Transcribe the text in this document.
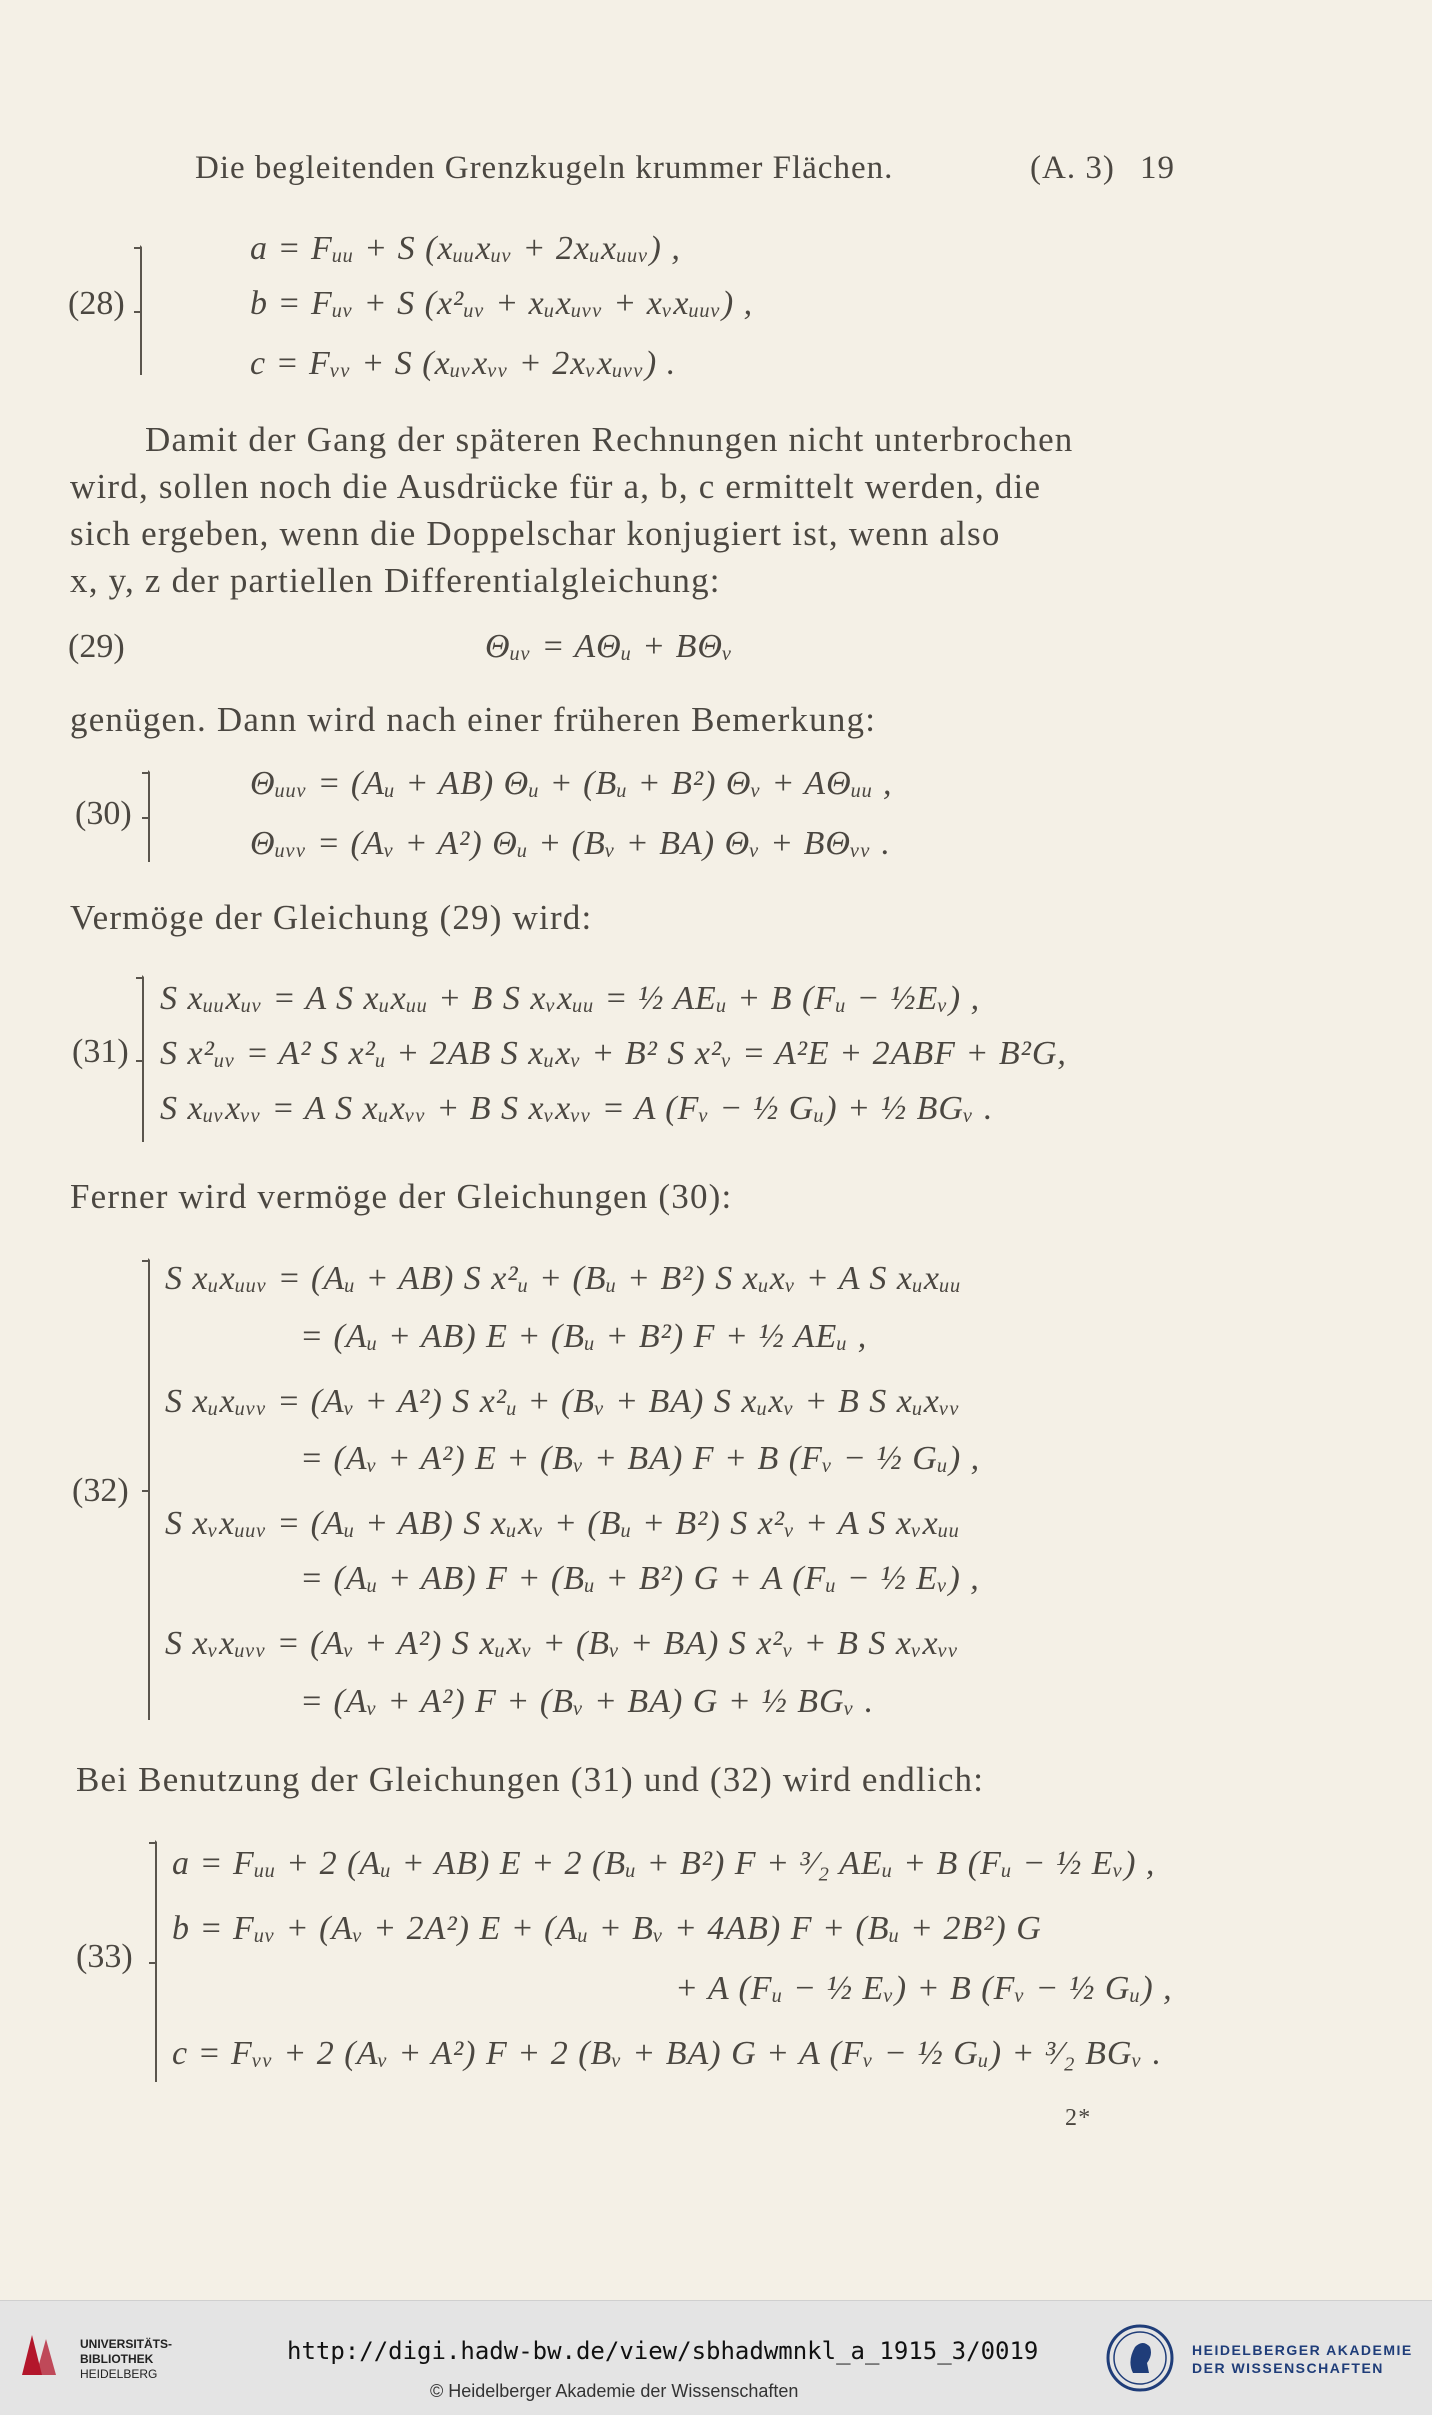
Die begleitenden Grenzkugeln krummer Flächen.	(A. 3) 19
(28)
a = Fᵤᵤ + S (xᵤᵤxᵤᵥ + 2xᵤxᵤᵤᵥ) ,
b = Fᵤᵥ + S (x²ᵤᵥ + xᵤxᵤᵥᵥ + xᵥxᵤᵤᵥ) ,
c = Fᵥᵥ + S (xᵤᵥxᵥᵥ + 2xᵥxᵤᵥᵥ) .
Damit der Gang der späteren Rechnungen nicht unterbrochen
wird, sollen noch die Ausdrücke für a, b, c ermittelt werden, die
sich ergeben, wenn die Doppelschar konjugiert ist, wenn also
x, y, z der partiellen Differentialgleichung:
(29)	Θᵤᵥ = AΘᵤ + BΘᵥ
genügen. Dann wird nach einer früheren Bemerkung:
(30)
Θᵤᵤᵥ = (Aᵤ + AB) Θᵤ + (Bᵤ + B²) Θᵥ + AΘᵤᵤ ,
Θᵤᵥᵥ = (Aᵥ + A²) Θᵤ + (Bᵥ + BA) Θᵥ + BΘᵥᵥ .
Vermöge der Gleichung (29) wird:
(31)
S xᵤᵤxᵤᵥ = A S xᵤxᵤᵤ + B S xᵥxᵤᵤ = ½ AEᵤ + B (Fᵤ − ½Eᵥ) ,
S x²ᵤᵥ = A² S x²ᵤ + 2AB S xᵤxᵥ + B² S x²ᵥ = A²E + 2ABF + B²G,
S xᵤᵥxᵥᵥ = A S xᵤxᵥᵥ + B S xᵥxᵥᵥ = A (Fᵥ − ½ Gᵤ) + ½ BGᵥ .
Ferner wird vermöge der Gleichungen (30):
(32)
S xᵤxᵤᵤᵥ = (Aᵤ + AB) S x²ᵤ + (Bᵤ + B²) S xᵤxᵥ + A S xᵤxᵤᵤ
= (Aᵤ + AB) E + (Bᵤ + B²) F + ½ AEᵤ ,
S xᵤxᵤᵥᵥ = (Aᵥ + A²) S x²ᵤ + (Bᵥ + BA) S xᵤxᵥ + B S xᵤxᵥᵥ
= (Aᵥ + A²) E + (Bᵥ + BA) F + B (Fᵥ − ½ Gᵤ) ,
S xᵥxᵤᵤᵥ = (Aᵤ + AB) S xᵤxᵥ + (Bᵤ + B²) S x²ᵥ + A S xᵥxᵤᵤ
= (Aᵤ + AB) F + (Bᵤ + B²) G + A (Fᵤ − ½ Eᵥ) ,
S xᵥxᵤᵥᵥ = (Aᵥ + A²) S xᵤxᵥ + (Bᵥ + BA) S x²ᵥ + B S xᵥxᵥᵥ
= (Aᵥ + A²) F + (Bᵥ + BA) G + ½ BGᵥ .
Bei Benutzung der Gleichungen (31) und (32) wird endlich:
(33)
a = Fᵤᵤ + 2 (Aᵤ + AB) E + 2 (Bᵤ + B²) F + ³⁄₂ AEᵤ + B (Fᵤ − ½ Eᵥ) ,
b = Fᵤᵥ + (Aᵥ + 2A²) E + (Aᵤ + Bᵥ + 4AB) F + (Bᵤ + 2B²) G
+ A (Fᵤ − ½ Eᵥ) + B (Fᵥ − ½ Gᵤ) ,
c = Fᵥᵥ + 2 (Aᵥ + A²) F + 2 (Bᵥ + BA) G + A (Fᵥ − ½ Gᵤ) + ³⁄₂ BGᵥ .
2*
UNIVERSITÄTS-
BIBLIOTHEK
HEIDELBERG
http://digi.hadw-bw.de/view/sbhadwmnkl_a_1915_3/0019
© Heidelberger Akademie der Wissenschaften
HEIDELBERGER AKADEMIE
DER WISSENSCHAFTEN
